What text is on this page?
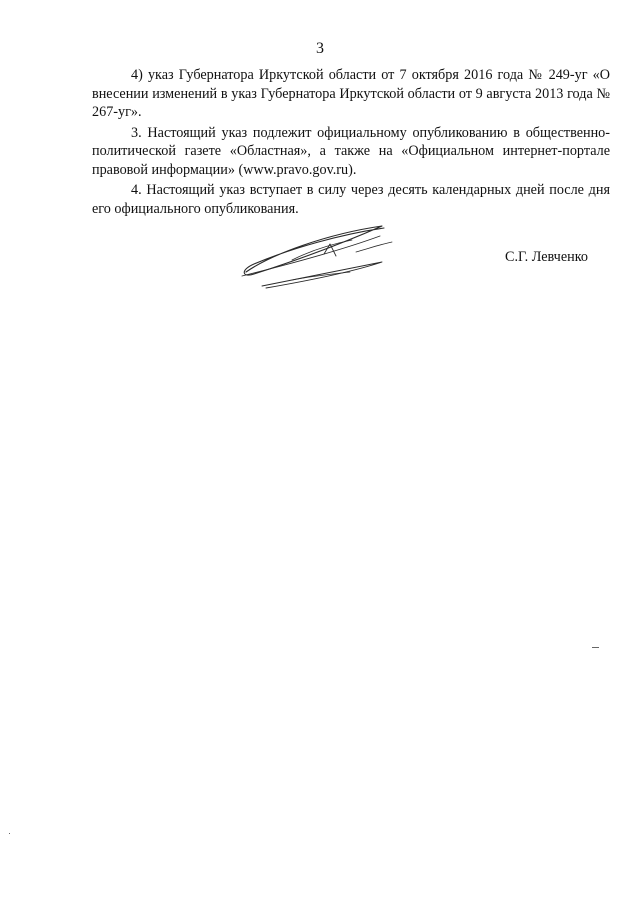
3

4) указ Губернатора Иркутской области от 7 октября 2016 года № 249-уг «О внесении изменений в указ Губернатора Иркутской области от 9 августа 2013 года № 267-уг».

3. Настоящий указ подлежит официальному опубликованию в общественно-политической газете «Областная», а также на «Официальном интернет-портале правовой информации» (www.pravo.gov.ru).

4. Настоящий указ вступает в силу через десять календарных дней после дня его официального опубликования.

С.Г. Левченко
